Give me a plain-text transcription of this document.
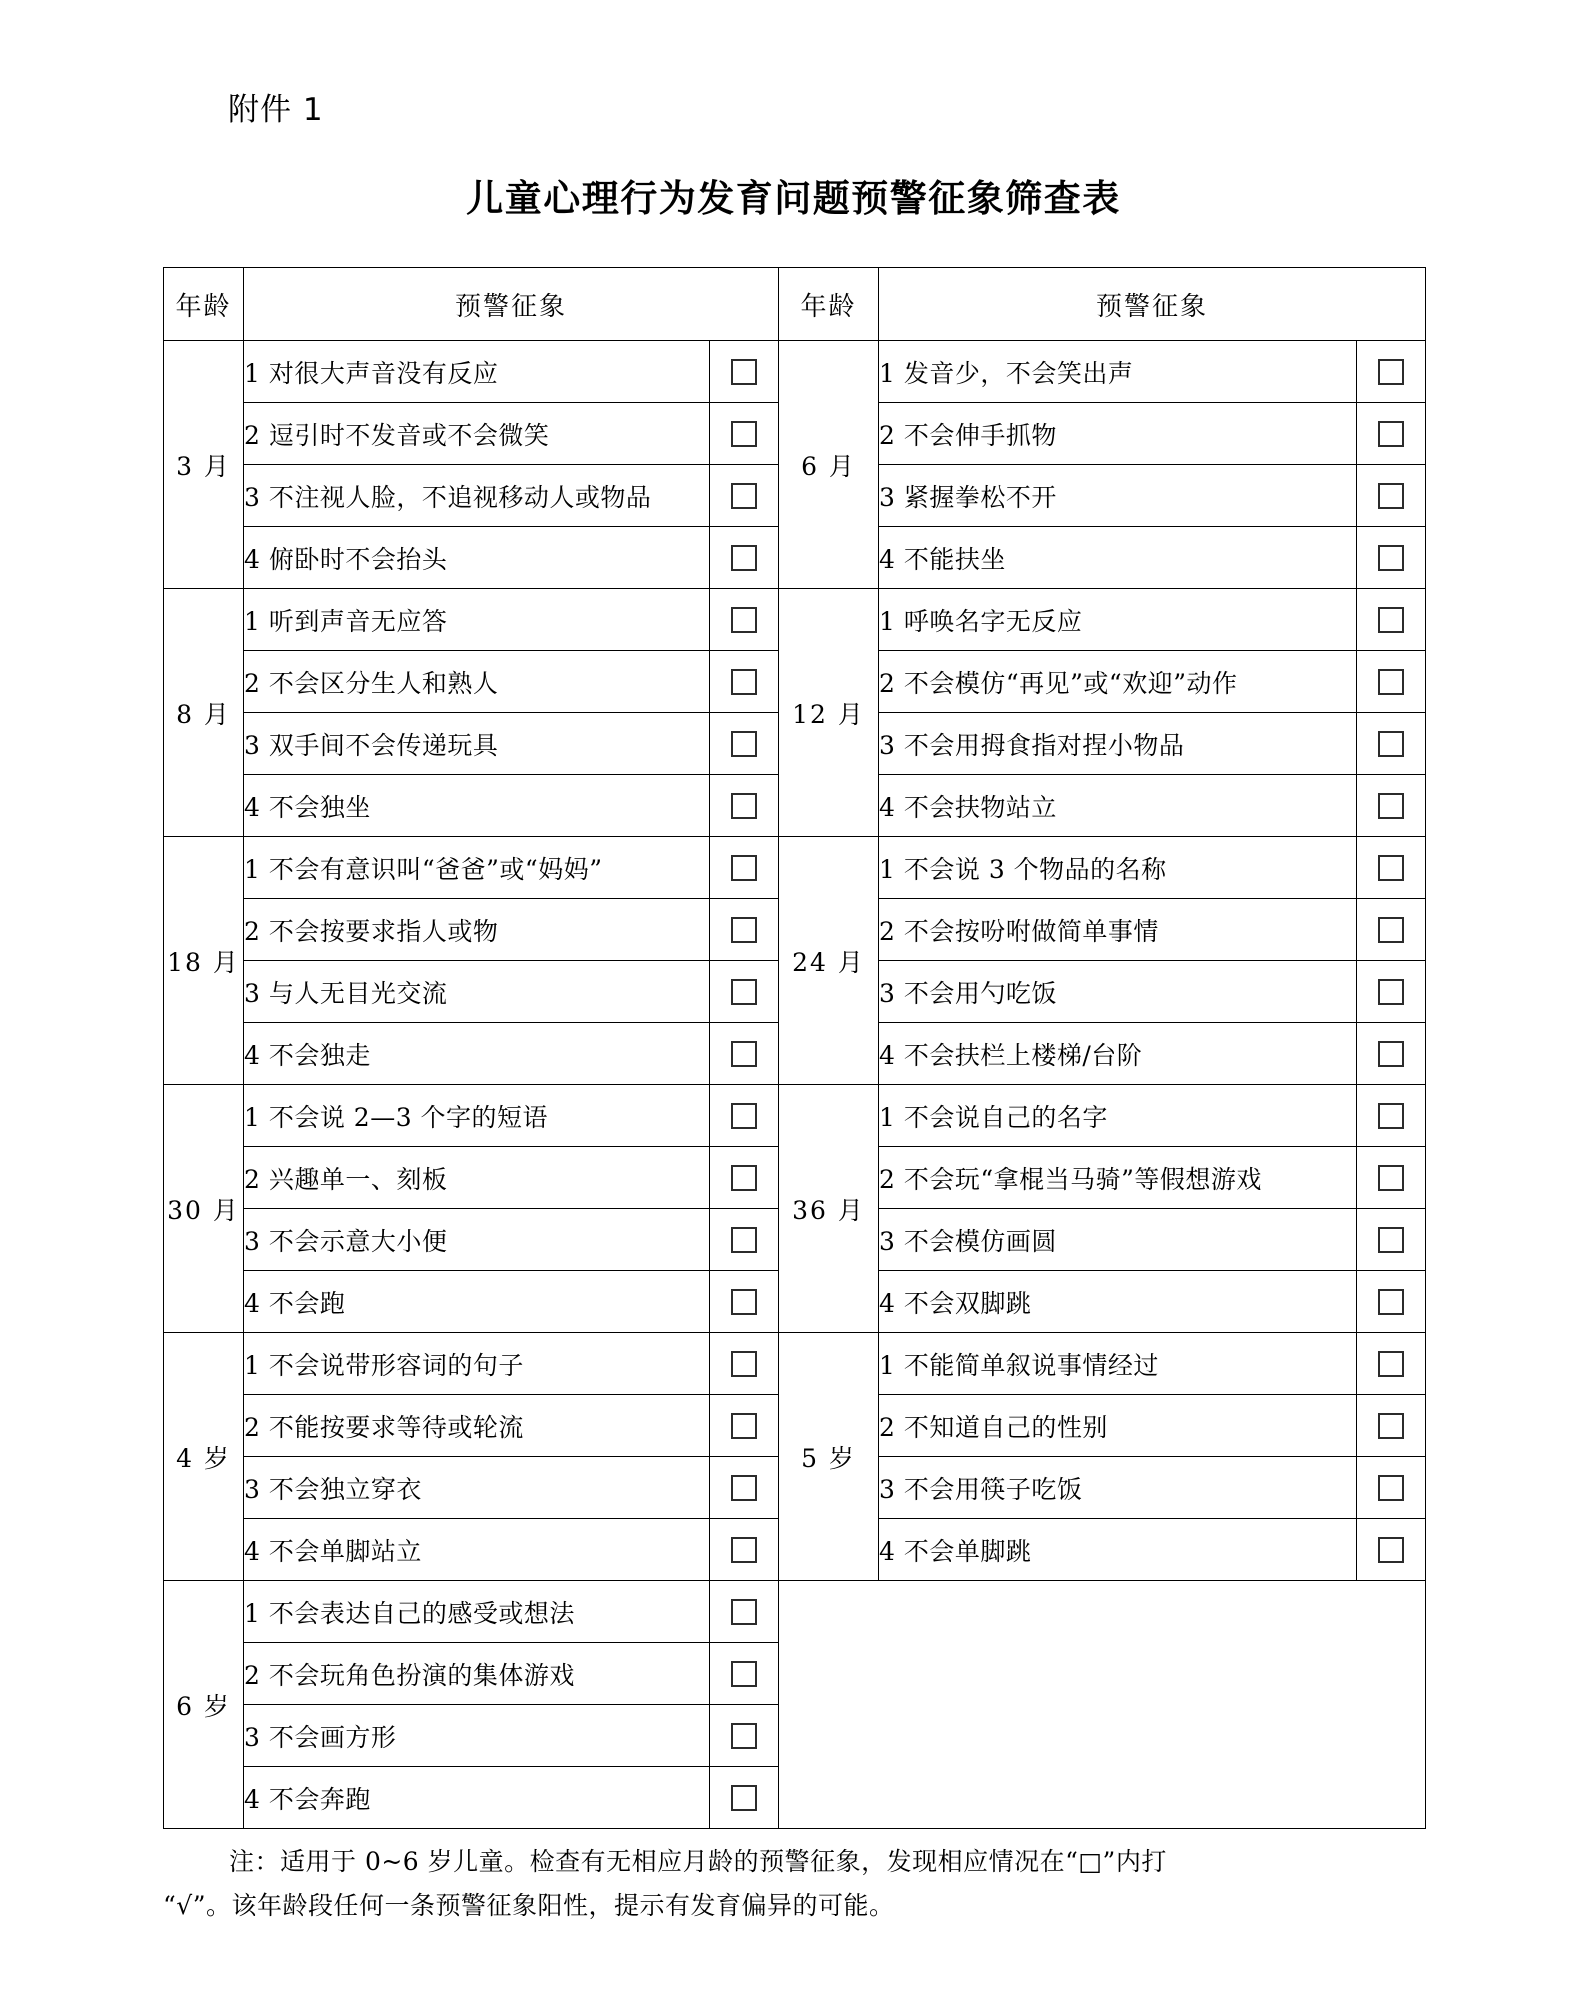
附件 1
儿童心理行为发育问题预警征象筛查表
年龄	预警征象		年龄	预警征象	
3 月	1 对很大声音没有反应		6 月	1 发音少，不会笑出声	
	2 逗引时不发音或不会微笑			2 不会伸手抓物	
	3 不注视人脸，不追视移动人或物品			3 紧握拳松不开	
	4 俯卧时不会抬头			4 不能扶坐	
8 月	1 听到声音无应答		12 月	1 呼唤名字无反应	
	2 不会区分生人和熟人			2 不会模仿“再见”或“欢迎”动作	
	3 双手间不会传递玩具			3 不会用拇食指对捏小物品	
	4 不会独坐			4 不会扶物站立	
18 月	1 不会有意识叫“爸爸”或“妈妈”		24 月	1 不会说 3 个物品的名称	
	2 不会按要求指人或物			2 不会按吩咐做简单事情	
	3 与人无目光交流			3 不会用勺吃饭	
	4 不会独走			4 不会扶栏上楼梯/台阶	
30 月	1 不会说 2—3 个字的短语		36 月	1 不会说自己的名字	
	2 兴趣单一、刻板			2 不会玩“拿棍当马骑”等假想游戏	
	3 不会示意大小便			3 不会模仿画圆	
	4 不会跑			4 不会双脚跳	
4 岁	1 不会说带形容词的句子		5 岁	1 不能简单叙说事情经过	
	2 不能按要求等待或轮流			2 不知道自己的性别	
	3 不会独立穿衣			3 不会用筷子吃饭	
	4 不会单脚站立			4 不会单脚跳	
6 岁	1 不会表达自己的感受或想法				
	2 不会玩角色扮演的集体游戏				
	3 不会画方形				
	4 不会奔跑				
注：适用于 0~6 岁儿童。检查有无相应月龄的预警征象，发现相应情况在“□”内打
“√”。该年龄段任何一条预警征象阳性，提示有发育偏异的可能。
